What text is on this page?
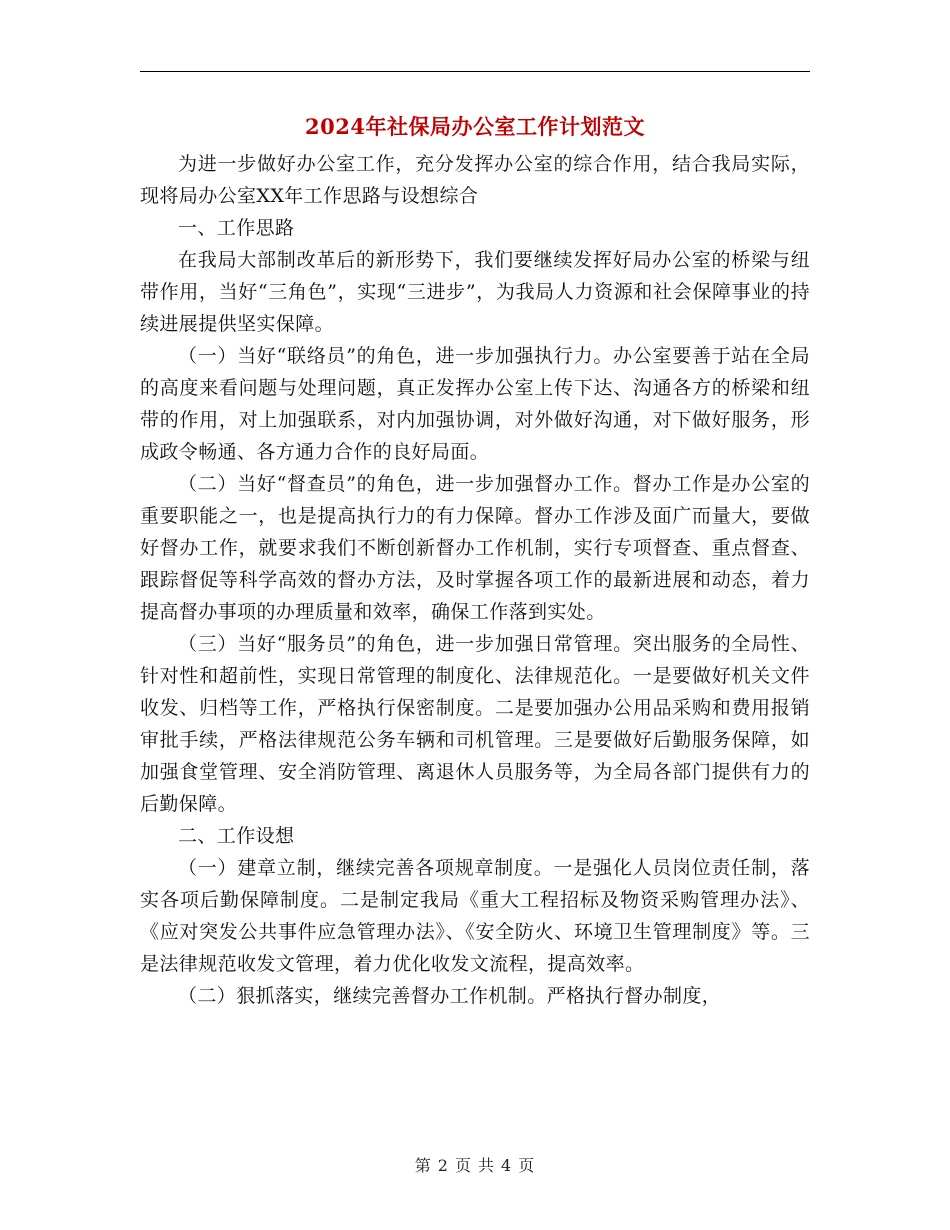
2024年社保局办公室工作计划范文

为进一步做好办公室工作，充分发挥办公室的综合作用，结合我局实际，现将局办公室XX年工作思路与设想综合

一、工作思路

在我局大部制改革后的新形势下，我们要继续发挥好局办公室的桥梁与纽带作用，当好“三角色”，实现“三进步”，为我局人力资源和社会保障事业的持续进展提供坚实保障。

（一）当好“联络员”的角色，进一步加强执行力。办公室要善于站在全局的高度来看问题与处理问题，真正发挥办公室上传下达、沟通各方的桥梁和纽带的作用，对上加强联系，对内加强协调，对外做好沟通，对下做好服务，形成政令畅通、各方通力合作的良好局面。

（二）当好“督查员”的角色，进一步加强督办工作。督办工作是办公室的重要职能之一，也是提高执行力的有力保障。督办工作涉及面广而量大，要做好督办工作，就要求我们不断创新督办工作机制，实行专项督查、重点督查、跟踪督促等科学高效的督办方法，及时掌握各项工作的最新进展和动态，着力提高督办事项的办理质量和效率，确保工作落到实处。

（三）当好“服务员”的角色，进一步加强日常管理。突出服务的全局性、针对性和超前性，实现日常管理的制度化、法律规范化。一是要做好机关文件收发、归档等工作，严格执行保密制度。二是要加强办公用品采购和费用报销审批手续，严格法律规范公务车辆和司机管理。三是要做好后勤服务保障，如加强食堂管理、安全消防管理、离退休人员服务等，为全局各部门提供有力的后勤保障。

二、工作设想

（一）建章立制，继续完善各项规章制度。一是强化人员岗位责任制，落实各项后勤保障制度。二是制定我局《重大工程招标及物资采购管理办法》、《应对突发公共事件应急管理办法》、《安全防火、环境卫生管理制度》等。三是法律规范收发文管理，着力优化收发文流程，提高效率。

（二）狠抓落实，继续完善督办工作机制。严格执行督办制度，

第 2 页 共 4 页
